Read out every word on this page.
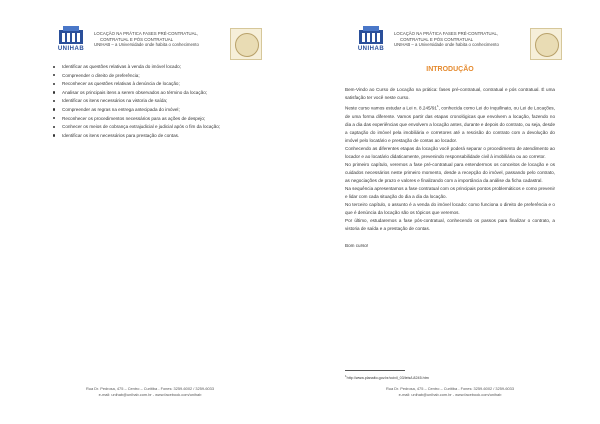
UNIHAB
LOCAÇÃO NA PRÁTICA FASES PRÉ-CONTRATUAL,
CONTRATUAL E PÓS CONTRATUAL
UNIHAB – a Universidade onde habita o conhecimento
Identificar as questões relativas à venda do imóvel locado;
Compreender o direito de preferência;
Reconhecer as questões relativas à denúncia de locação;
Analisar os principais itens a serem observados ao término da locação;
Identificar os itens necessários na vistoria de saída;
Compreender as regras na entrega antecipada do imóvel;
Reconhecer os procedimentos necessários para as ações de despejo;
Conhecer os meios de cobrança extrajudicial e judicial após o fim da locação;
Identificar os itens necessários para prestação de contas.
Rua Dr. Pedrosa, 475 – Centro – Curitiba - Fones: 3259-6002 / 3259-6033
e-mail: unihab@unihab.com.br - www.facebook.com/unihab
UNIHAB
LOCAÇÃO NA PRÁTICA FASES PRÉ-CONTRATUAL,
CONTRATUAL E PÓS CONTRATUAL
UNIHAB – a Universidade onde habita o conhecimento
INTRODUÇÃO

Bem-Vindo ao Curso de Locação na prática: fases pré-contratual, contratual e pós contratual. É uma satisfação ter você neste curso.

Neste curso vamos estudar a Lei n. $8.245/91^1$, conhecida como Lei do Inquilinato, ou Lei de Locações, de uma forma diferente. Vamos partir das etapas cronológicas que envolvem a locação, fazendo no dia a dia das experiências que envolvem a locação antes, durante e depois do contrato, ou seja, desde a captação do imóvel pela imobiliária e corretores até a rescisão do contrato com a devolução do imóvel pelo locatário e prestação de contas ao locador.

Conhecendo as diferentes etapas da locação você poderá separar o procedimento de atendimento ao locador e ao locatário didaticamente, prevenindo responsabilidade civil à imobiliária ou ao corretor.

No primeiro capítulo, veremos a fase pré-contratual para entendermos os conceitos de locação e os cuidados necessários neste primeiro momento, desde a recepção do imóvel, passando pelo contrato, as negociações de prazo e valores e finalizando com a importância da análise da ficha cadastral.

Na sequência apresentamos a fase contratual com os principais pontos problemáticos e como prevenir e lidar com cada situação do dia a dia da locação.

No terceiro capítulo, o assunto é a venda do imóvel locado: como funciona o direito de preferência e o que é denúncia da locação são os tópicos que veremos.

Por último, estudaremos a fase pós-contratual, conhecendo os passos para finalizar o contrato, a vistoria de saída e a prestação de contas.

Bom curso!

$^1$http://www.planalto.gov.br/ccivil_03/leis/L8245.htm
Rua Dr. Pedrosa, 475 – Centro – Curitiba - Fones: 3259-6002 / 3259-6033
e-mail: unihab@unihab.com.br - www.facebook.com/unihab
